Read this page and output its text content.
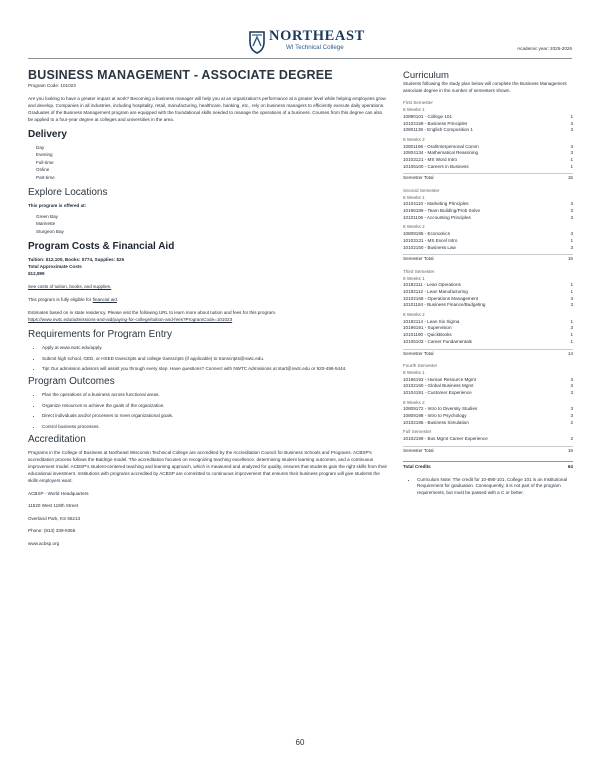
NORTHEAST
WI Technical College	Academic year: 2025-2026
BUSINESS MANAGEMENT - ASSOCIATE DEGREE
Program Code: 101023
Are you looking to have a greater impact at work? Becoming a business manager will help you at an organization's performance at a greater level while helping employees grow and develop. Companies in all industries, including hospitality, retail, manufacturing, healthcare, banking, etc., rely on business managers to efficiently execute daily operations. Graduates of the Business Management program are equipped with the foundational skills needed to manage the operations of a business. Courses from this degree can also be applied to a four-year degree at colleges and universities in the area.
Delivery
Day
Evening
Full-time
Online
Part-time
Explore Locations
This program is offered at:
Green Bay
Marinette
Sturgeon Bay
Program Costs & Financial Aid
Tuition: $12,100, Books: $774, Supplies: $25
Total Approximate Costs
$12,899
See costs of tuition, books, and supplies.
This program is fully eligible for financial aid.
Estimates based on in state residency. Please visit the following URL to learn more about tuition and fees for this program.
https://www.nwtc.edu/admissions-and-aid/paying-for-college/tuition-and-fees?ProgramCode=101023
Requirements for Program Entry
• Apply at www.nwtc.edu/apply.
• Submit high school, GED, or HSED transcripts and college transcripts (if applicable) to transcripts@nwtc.edu.
• Tip! Our admission advisors will assist you through every step. Have questions? Connect with NWTC Admissions at start@nwtc.edu or 920-498-5444.
Program Outcomes
• Plan the operations of a business across functional areas.
• Organize resources to achieve the goals of the organization.
• Direct individuals and/or processes to meet organizational goals.
• Control business processes.
Accreditation
Programs in the College of Business at Northeast Wisconsin Technical College are accredited by the Accreditation Council for Business Schools and Programs. ACBSP's accreditation process follows the Baldrige model. The accreditation focuses on recognizing teaching excellence, determining student learning outcomes, and a continuous improvement model. ACBSP's student-centered teaching and learning approach, which is measured and analyzed for quality, ensures that students gain the right skills from their educational investment. Institutions with programs accredited by ACBSP are committed to continuous improvement that ensures their business program will give students the skills employers want.
ACBSP - World Headquarters
11520 West 119th Street
Overland Park, KS 66213
Phone: (913) 339-9356
www.acbsp.org
Curriculum
Students following the study plan below will complete the Business Management associate degree in the number of semesters shown.
First Semester
8 Weeks 1
10890101 - College 101	1
10102158 - Business Principles	3
10801136 - English Composition 1	3
8 Weeks 2
10801196 - Oral/Interpersonal Comm	3
10804134 - Mathematical Reasoning	3
10103121 - MS Word Intro	1
10105100 - Careers in Business	1
Semester Total	15
Second Semester
8 Weeks 1
10104110 - Marketing Principles	3
10196189 - Team Building/Prob Solve	3
10101106 - Accounting Principles	3
8 Weeks 2
10809195 - Economics	3
10103131 - MS Excel Intro	1
10102150 - Business Law	3
Semester Total	16
Third Semester
8 Weeks 1
10182111 - Lean Operations	1
10182112 - Lean Manufacturing	1
10102168 - Operations Management	3
10101184 - Business Finance/Budgeting	3
8 Weeks 2
10182114 - Lean Six Sigma	1
10196191 - Supervision	3
10101190 - QuickBooks	1
10105103 - Career Fundamentals	1
Semester Total	14
Fourth Semester
8 Weeks 1
10196193 - Human Resource Mgmt	3
10102160 - Global Business Mgmt	3
10104191 - Customer Experience	3
8 Weeks 2
10809172 - Intro to Diversity Studies	3
10809198 - Intro to Psychology	3
10102195 - Business Simulation	2
Full Semester
10102199 - Bus Mgmt Career Experience	2
Semester Total	19
Total Credits	64
• Curriculum Note: The credit for 10-890-101, College 101 is an Institutional Requirement for graduation. Consequently, it is not part of the program requirements, but must be passed with a C or better.
60
